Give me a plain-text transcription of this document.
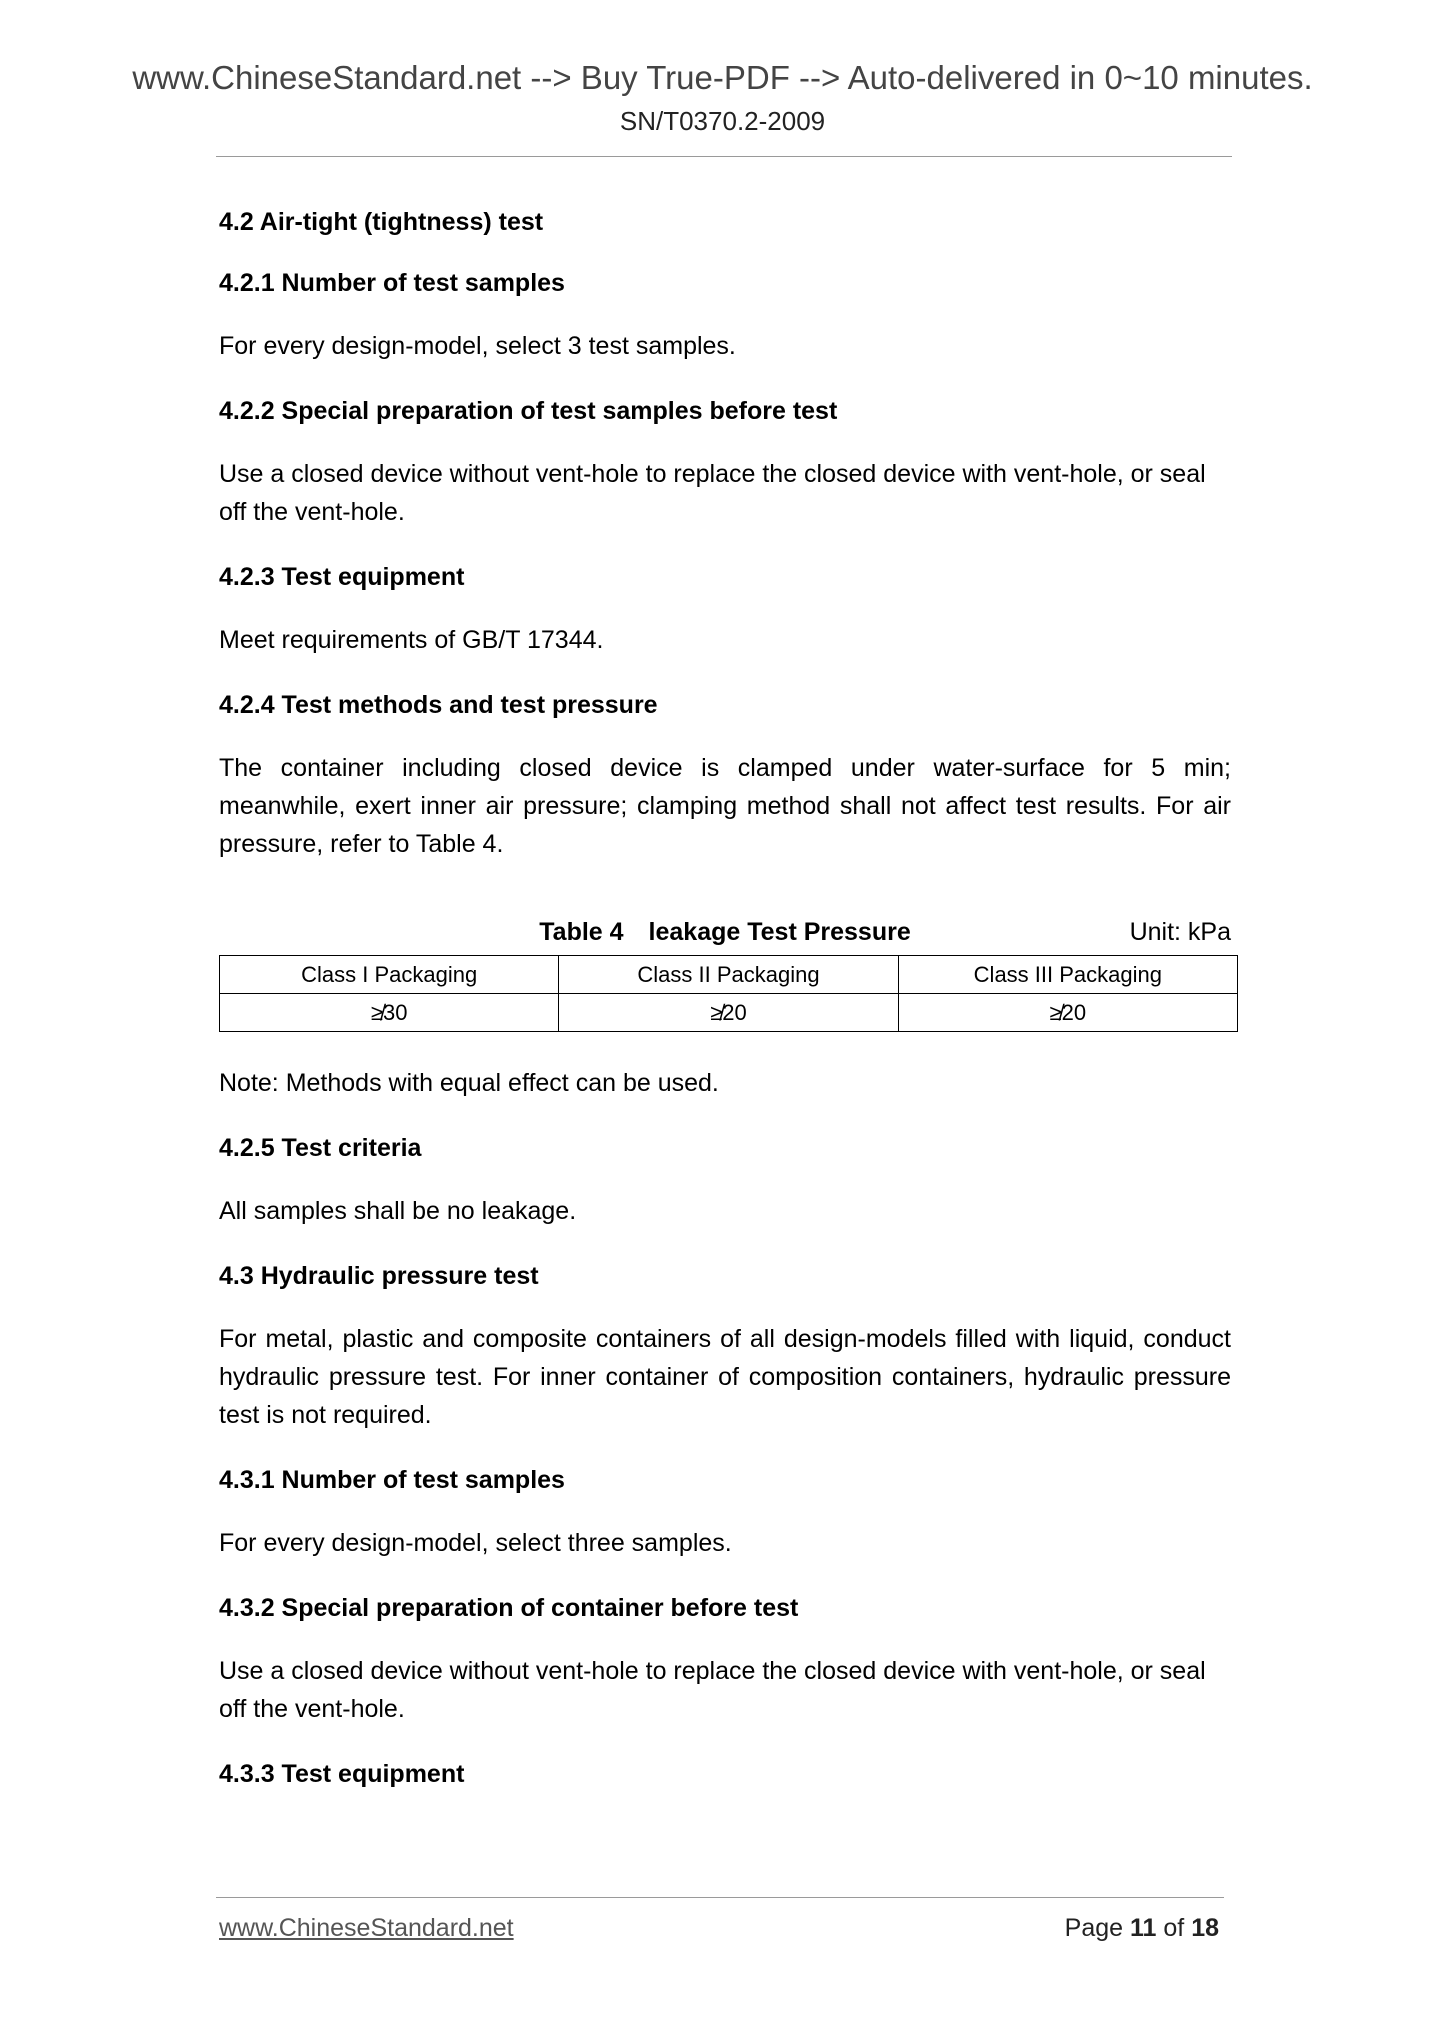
www.ChineseStandard.net --> Buy True-PDF --> Auto-delivered in 0~10 minutes.
SN/T0370.2-2009
4.2 Air-tight (tightness) test
4.2.1 Number of test samples
For every design-model, select 3 test samples.
4.2.2 Special preparation of test samples before test
Use a closed device without vent-hole to replace the closed device with vent-hole, or seal off the vent-hole.
4.2.3 Test equipment
Meet requirements of GB/T 17344.
4.2.4 Test methods and test pressure
The container including closed device is clamped under water-surface for 5 min; meanwhile, exert inner air pressure; clamping method shall not affect test results. For air pressure, refer to Table 4.
Table 4 leakage Test Pressure	Unit: kPa
Class I Packaging	Class II Packaging	Class III Packaging
≱30	≱20	≱20
Note: Methods with equal effect can be used.
4.2.5 Test criteria
All samples shall be no leakage.
4.3 Hydraulic pressure test
For metal, plastic and composite containers of all design-models filled with liquid, conduct hydraulic pressure test. For inner container of composition containers, hydraulic pressure test is not required.
4.3.1 Number of test samples
For every design-model, select three samples.
4.3.2 Special preparation of container before test
Use a closed device without vent-hole to replace the closed device with vent-hole, or seal off the vent-hole.
4.3.3 Test equipment
www.ChineseStandard.net	Page 11 of 18
